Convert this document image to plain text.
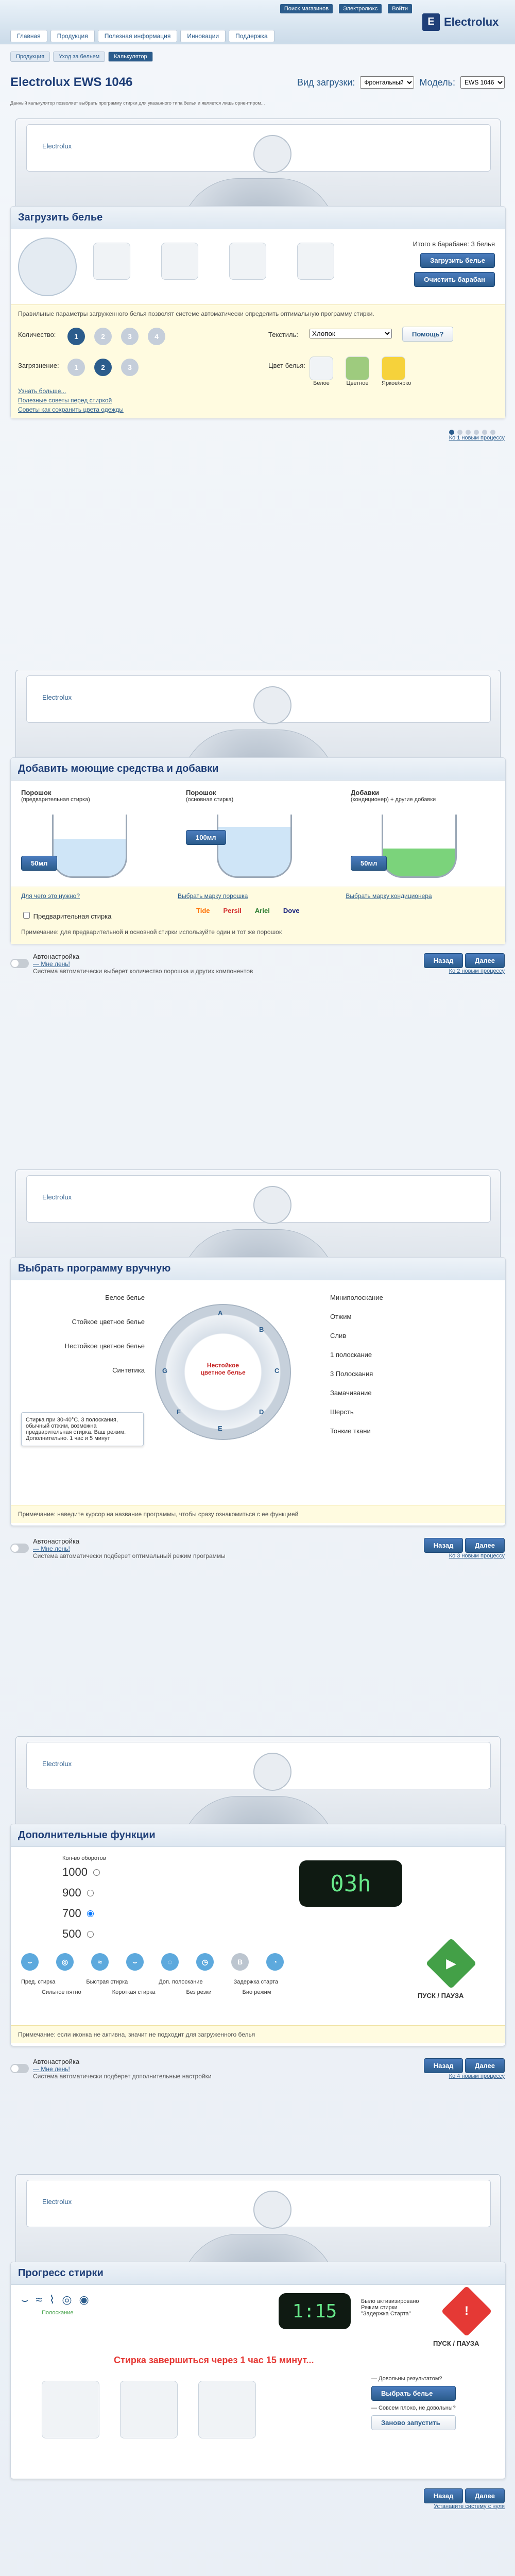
Поиск магазинов	Электролюкс	Войти
E Electrolux
Главная	Продукция	Полезная информация	Инновации	Поддержка
Продукция	Уход за бельем	Калькулятор
Electrolux EWS 1046	Вид загрузки:
Фронтальный	Модель:
EWS 1046
Данный калькулятор позволяет выбрать программу стирки для указанного типа белья и является лишь ориентиром...
Electrolux
Загрузить белье
Итого в барабане: 3 белья
Загрузить белье
Очистить барабан
Правильные параметры загруженного белья позволят системе автоматически определить оптимальную программу стирки.
Количество:	1	2	3	4	Текстиль:
Хлопок	Помощь?
Загрязнение:	1	2	3	Цвет белья:
Белое	Цветное Яркое/ярко
Узнать больше...
Полезные советы перед стиркой
Советы как сохранить цвета одежды
Ко 1 новым процессу
Electrolux
Добавить моющие средства и добавки
Порошок
(предварительная стирка)
50мл
Порошок
(основная стирка)
100мл
Добавки
(кондиционер) + другие добавки
50мл
Для чего это нужно?	Выбрать марку порошка	Выбрать марку кондиционера
Предварительная стирка
Tide Persil Ariel Dove
Примечание: для предварительной и основной стирки используйте один и тот же порошок
Автонастройка
— Мне лень!
Система автоматически выберет количество порошка и других компонентов
Назад	Далее
Ко 2 новым процессу
Electrolux
Выбрать программу вручную
Белое белье
Стойкое цветное белье
Нестойкое цветное белье
Синтетика
Нестойкое цветное белье
A
B
C
D
E
F
G
Стирка при 30-40°С. 3 полоскания, обычный отжим, возможна предварительная стирка. Ваш режим. Дополнительно. 1 час и 5 минут
Миниполоскание
Отжим
Слив
1 полоскание
3 Полоскания
Замачивание
Шерсть
Тонкие ткани
Примечание: наведите курсор на название программы, чтобы сразу ознакомиться с ее функцией
Автонастройка
— Мне лень!
Система автоматически подберет оптимальный режим программы
Назад	Далее
Ко 3 новым процессу
Electrolux
Дополнительные функции
Кол-во оборотов
1000
900
700
500
03h
⌣	◎	≈	⌣	◌	◷	B	◔	▶
ПУСК / ПАУЗА
Пред. стирка	Быстрая стирка	Доп. полоскание	Задержка старта
Сильное пятно	Короткая стирка	Без резки	Био режим
Примечание: если иконка не активна, значит не подходит для загруженного белья
Автонастройка
— Мне лень!
Система автоматически подберет дополнительные настройки
Назад	Далее
Ко 4 новым процессу
Electrolux
Прогресс стирки
⌣ ≈ ⌇ ◎ ◉
Полоскание	1:15	Было активизировано Режим стирки "Задержка Старта"	!
ПУСК / ПАУЗА
Стирка завершиться через 1 час 15 минут...
— Довольны результатом?
Выбрать белье
— Совсем плохо, не довольны?
Заново запустить
Назад	Далее
Устанавите систему с нуля
